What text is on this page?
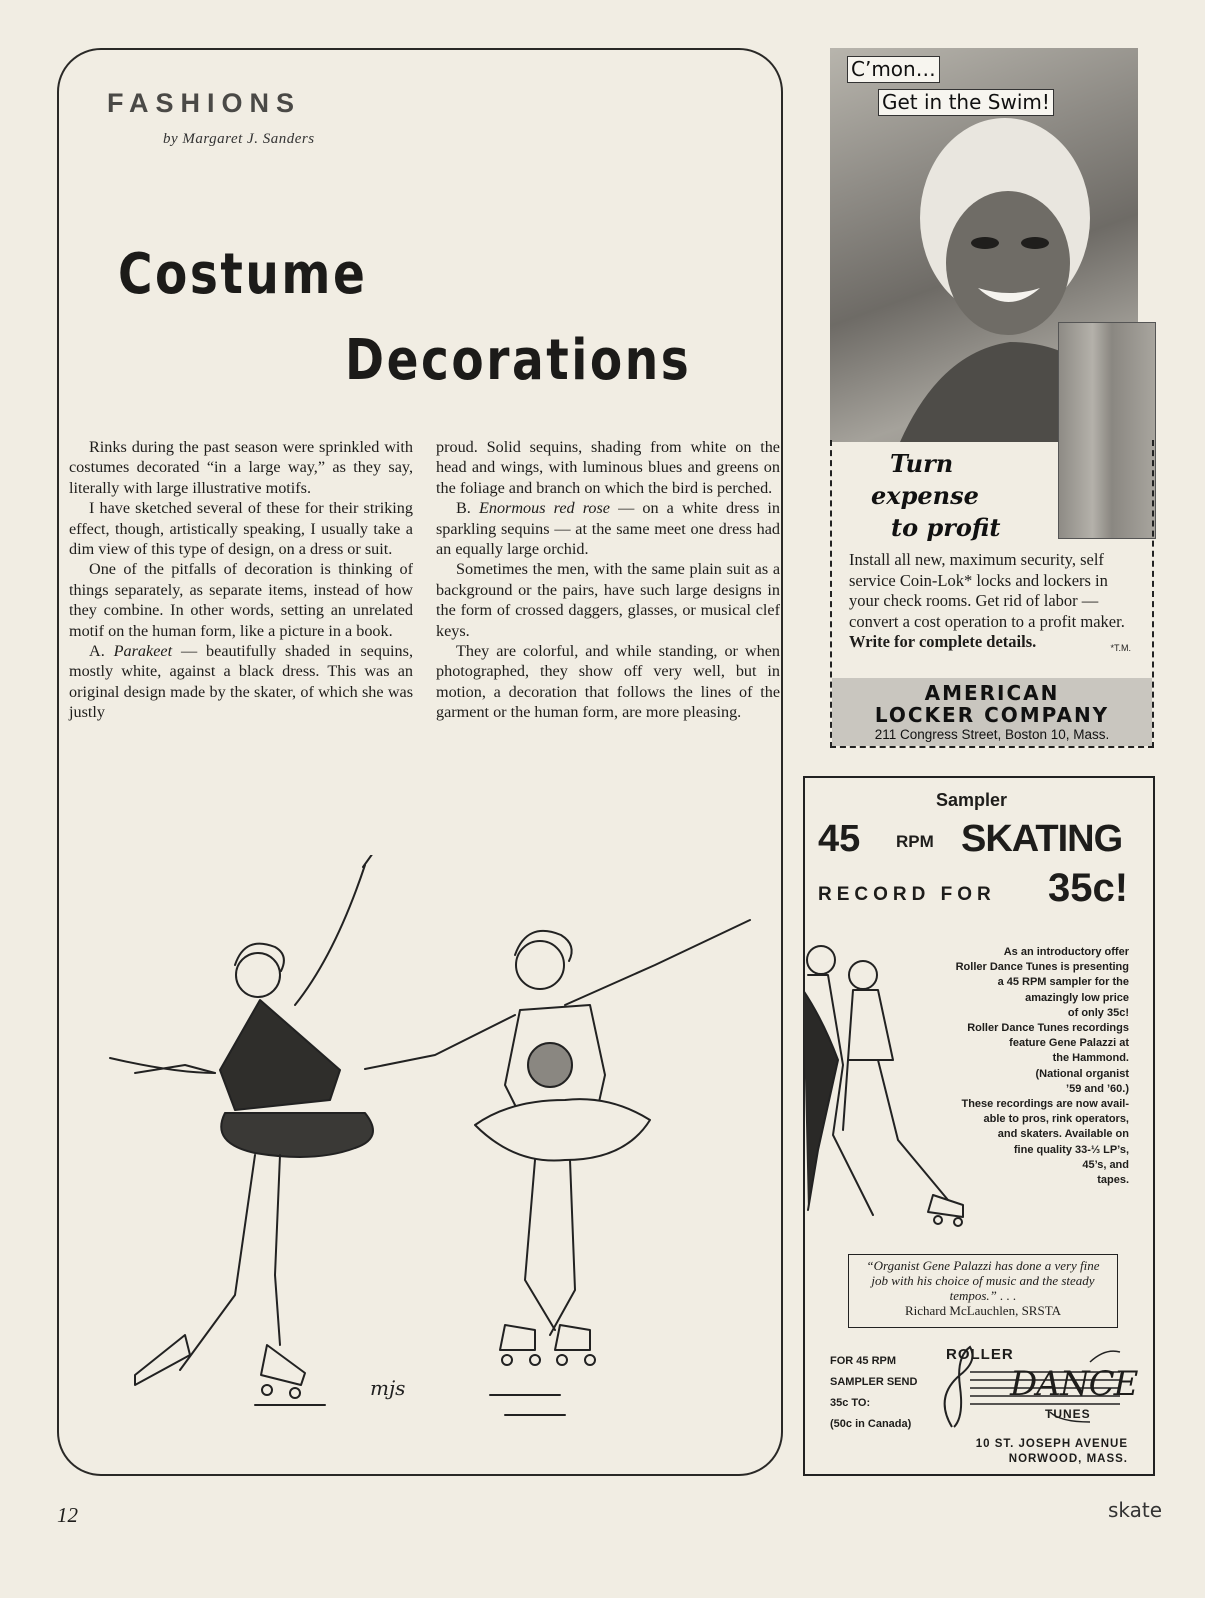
FASHIONS
by Margaret J. Sanders
Costume
Decorations

Rinks during the past season were sprinkled with costumes decorated “in a large way,” as they say, literally with large illustrative motifs.

I have sketched several of these for their striking effect, though, artistically speaking, I usually take a dim view of this type of design, on a dress or suit.

One of the pitfalls of decoration is thinking of things separately, as separate items, instead of how they combine. In other words, setting an unrelated motif on the human form, like a picture in a book.

A. Parakeet — beautifully shaded in sequins, mostly white, against a black dress. This was an original design made by the skater, of which she was justly

proud. Solid sequins, shading from white on the head and wings, with luminous blues and greens on the foliage and branch on which the bird is perched.

B. Enormous red rose — on a white dress in sparkling sequins — at the same meet one dress had an equally large orchid.

Sometimes the men, with the same plain suit as a background or the pairs, have such large designs in the form of crossed daggers, glasses, or musical clef keys.

They are colorful, and while standing, or when photographed, they show off very well, but in motion, a decoration that follows the lines of the garment or the human form, are more pleasing.

mjs
12	skate
C’mon…
Get in the Swim!
Turn
expense
to profit
Install all new, maximum security, self service Coin-Lok* locks and lockers in your check rooms. Get rid of labor — convert a cost operation to a profit maker. Write for complete details.	*T.M.
AMERICAN
LOCKER COMPANY
211 Congress Street, Boston 10, Mass.
Sampler
45 RPM SKATING
RECORD FOR 35c!
As an introductory offer
Roller Dance Tunes is presenting
a 45 RPM sampler for the
amazingly low price
of only 35c!
Roller Dance Tunes recordings
feature Gene Palazzi at
the Hammond.
(National organist
’59 and ’60.)
These recordings are now avail-
able to pros, rink operators,
and skaters. Available on
fine quality 33-⅓ LP’s,
45’s, and
tapes.
“Organist Gene Palazzi has done a very fine job with his choice of music and the steady tempos.” . . .
Richard McLauchlen, SRSTA
FOR 45 RPM
SAMPLER SEND
35c TO:
(50c in Canada)
ROLLER
DANCE
TUNES
10 ST. JOSEPH AVENUE
NORWOOD, MASS.
